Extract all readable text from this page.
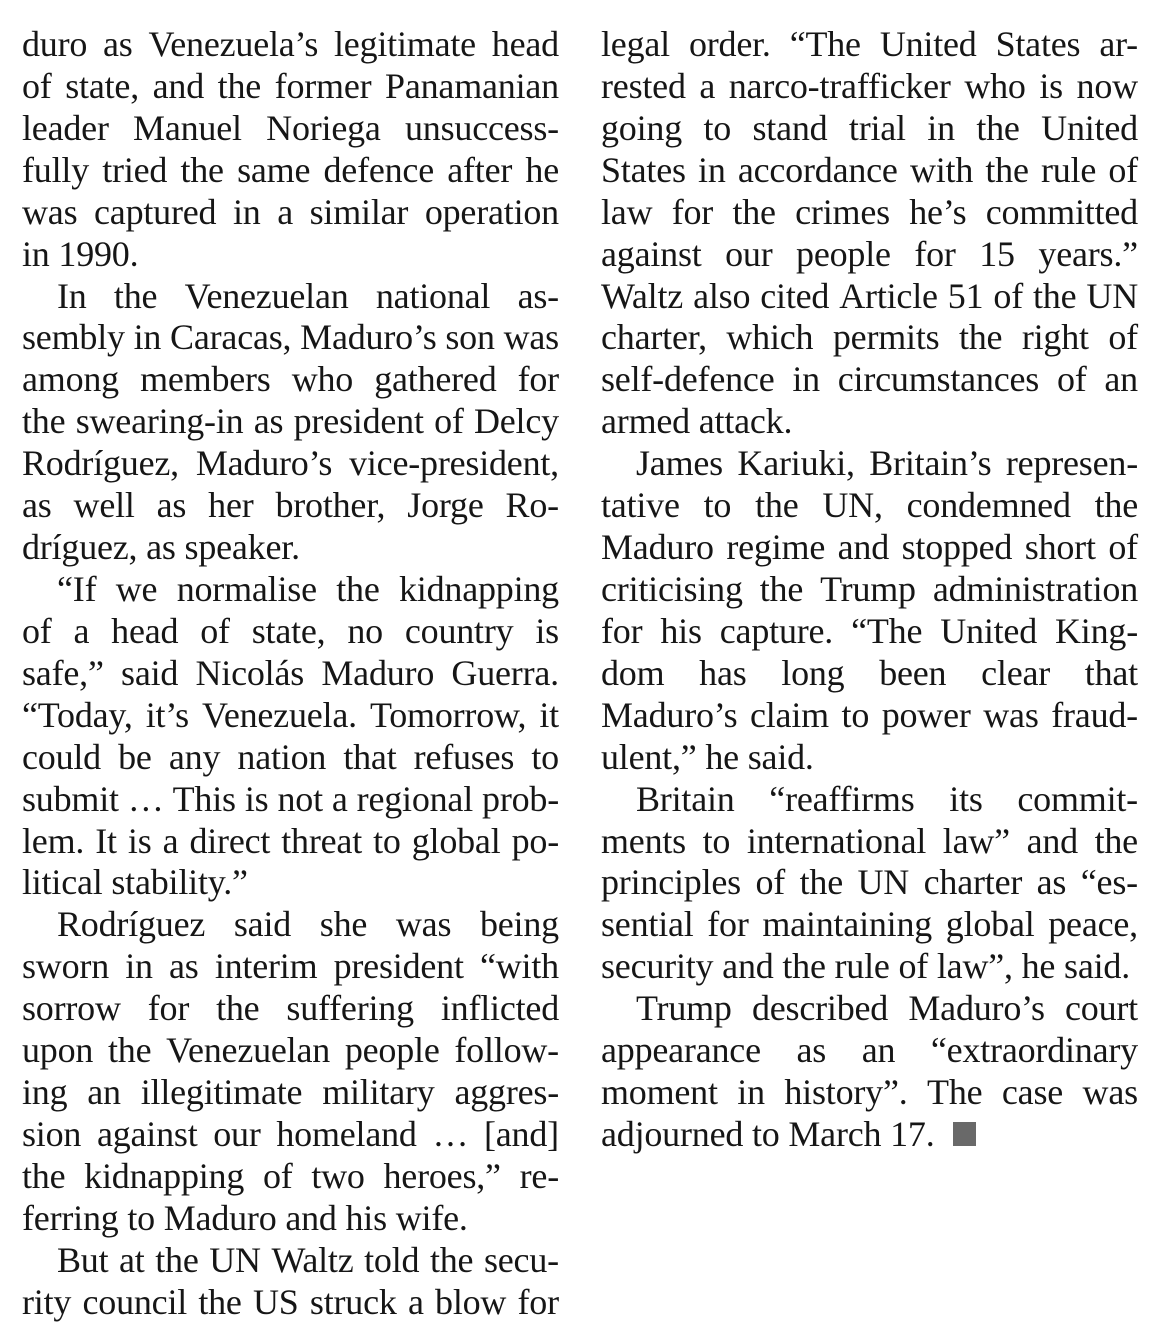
duro as Venezuela’s legitimate head
of state, and the former Panamanian
leader Manuel Noriega unsuccess-
fully tried the same defence after he
was captured in a similar operation
in 1990.
In the Venezuelan national as-
sembly in Caracas, Maduro’s son was
among members who gathered for
the swearing-in as president of Delcy
Rodríguez, Maduro’s vice-president,
as well as her brother, Jorge Ro-
dríguez, as speaker.
“If we normalise the kidnapping
of a head of state, no country is
safe,” said Nicolás Maduro Guerra.
“Today, it’s Venezuela. Tomorrow, it
could be any nation that refuses to
submit … This is not a regional prob-
lem. It is a direct threat to global po-
litical stability.”
Rodríguez said she was being
sworn in as interim president “with
sorrow for the suffering inflicted
upon the Venezuelan people follow-
ing an illegitimate military aggres-
sion against our homeland … [and]
the kidnapping of two heroes,” re-
ferring to Maduro and his wife.
But at the UN Waltz told the secu-
rity council the US struck a blow for
legal order. “The United States ar-
rested a narco-trafficker who is now
going to stand trial in the United
States in accordance with the rule of
law for the crimes he’s committed
against our people for 15 years.”
Waltz also cited Article 51 of the UN
charter, which permits the right of
self-defence in circumstances of an
armed attack.
James Kariuki, Britain’s represen-
tative to the UN, condemned the
Maduro regime and stopped short of
criticising the Trump administration
for his capture. “The United King-
dom has long been clear that
Maduro’s claim to power was fraud-
ulent,” he said.
Britain “reaffirms its commit-
ments to international law” and the
principles of the UN charter as “es-
sential for maintaining global peace,
security and the rule of law”, he said.
Trump described Maduro’s court
appearance as an “extraordinary
moment in history”. The case was
adjourned to March 17.
